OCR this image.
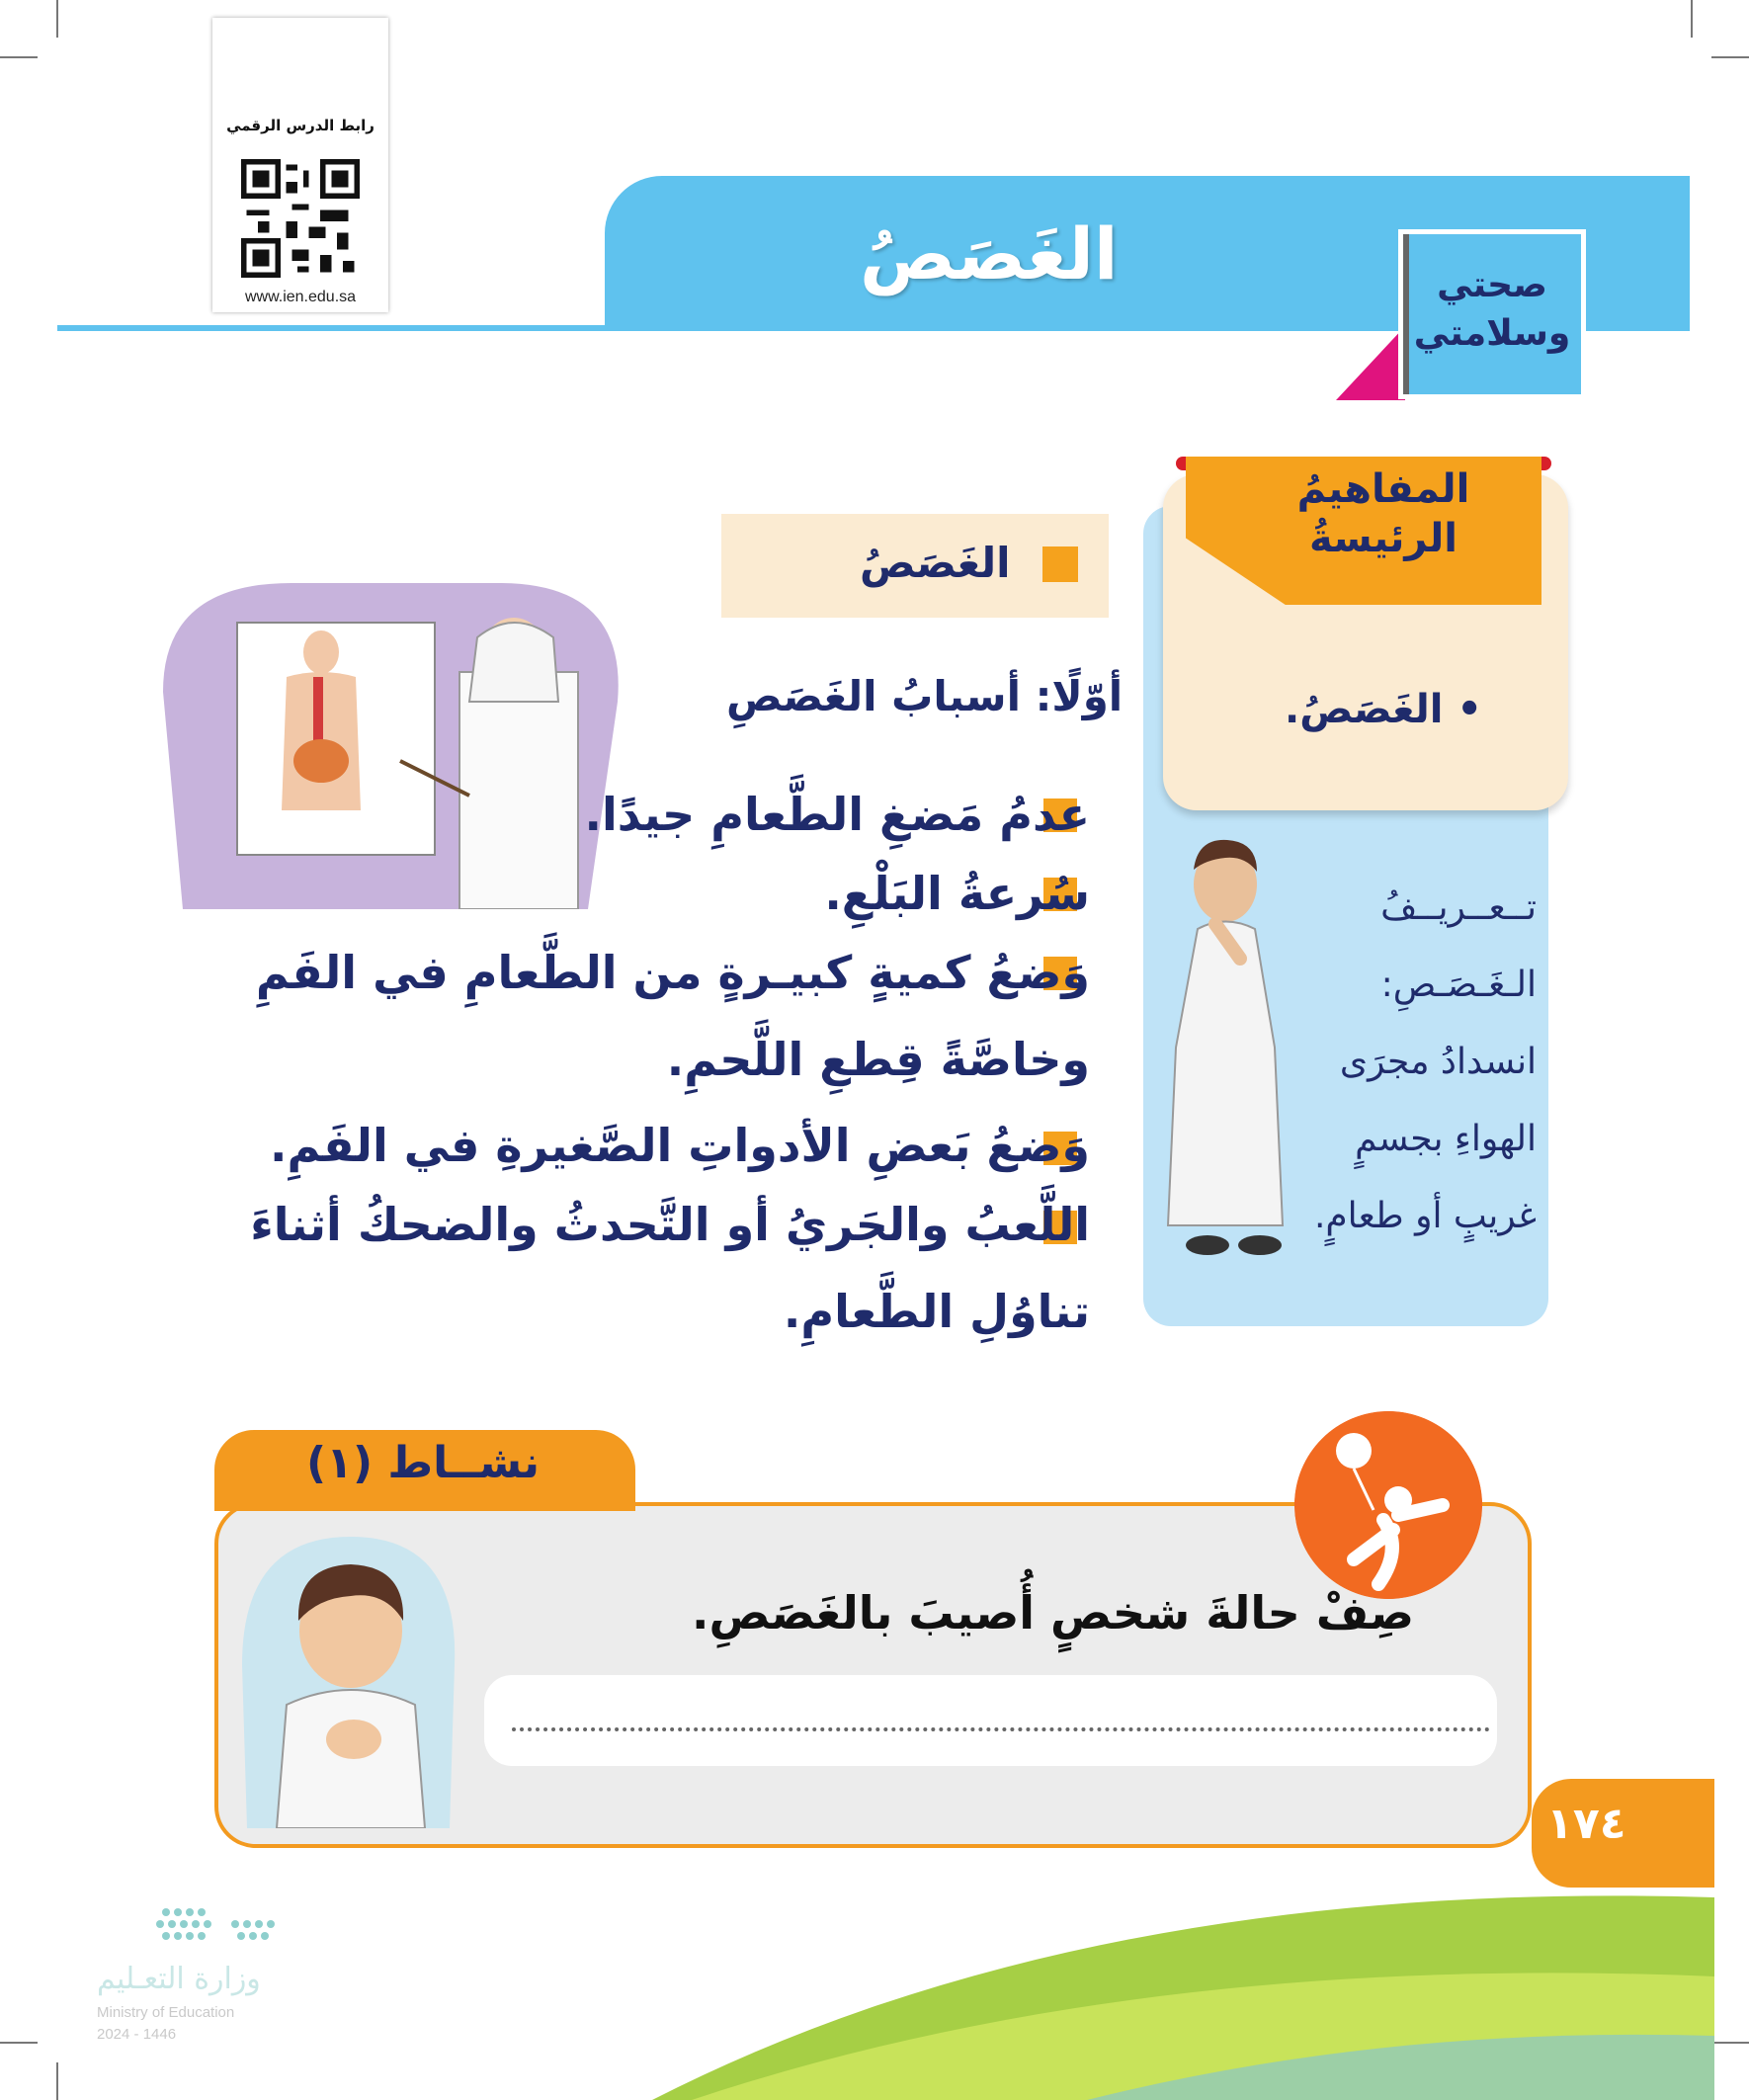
رابط الدرس الرقمي
www.ien.edu.sa
الغَصَصُ	صحتي وسلامتي
المفاهيمُ الرئيسةُ
• الغَصَصُ.
تــعــريــفُ
الـغَـصَـصِ:
انسدادُ مجرَى
الهواءِ بجسمٍ
غريبٍ أو طعامٍ.
الغَصَصُ
أوّلًا: أسبابُ الغَصَصِ
عدمُ مَضغِ الطَّعامِ جيدًا.
سُرعةُ البَلْعِ.
وَضعُ كميةٍ كبيـرةٍ من الطَّعامِ في الفَمِ وخاصَّةً قِطعِ اللَّحمِ.
وَضعُ بَعضِ الأدواتِ الصَّغيرةِ في الفَمِ.
اللَّعبُ والجَريُ أو التَّحدثُ والضحكُ أثناءَ تناوُلِ الطَّعامِ.
نشــاط (١)
صِفْ حالةَ شخصٍ أُصيبَ بالغَصَصِ.
١٧٤
وزارة التعـليم
Ministry of Education
2024 - 1446
